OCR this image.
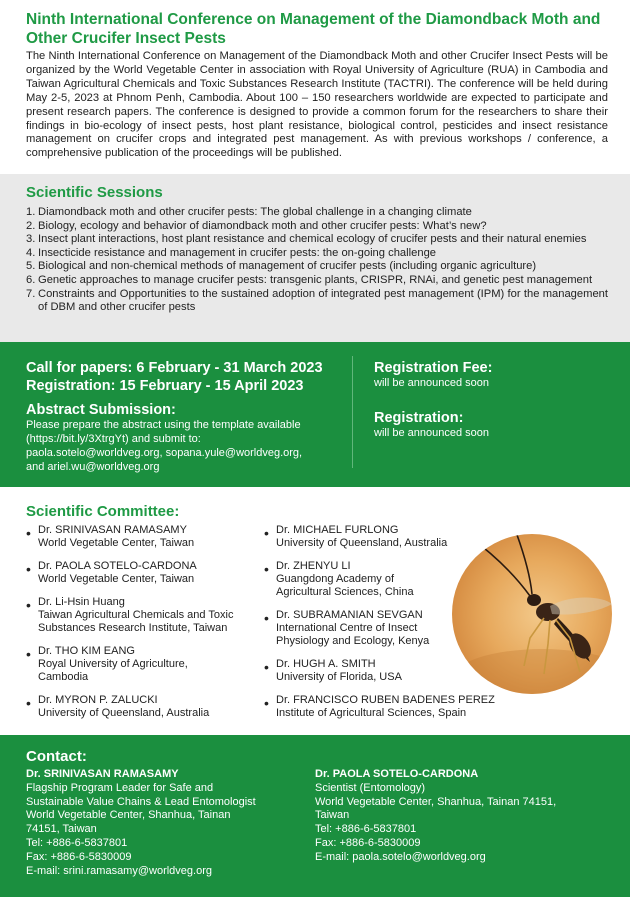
Ninth International Conference on Management of the Diamondback Moth and Other Crucifer Insect Pests

The Ninth International Conference on Management of the Diamondback Moth and other Crucifer Insect Pests will be organized by the World Vegetable Center in association with Royal University of Agriculture (RUA) in Cambodia and Taiwan Agricultural Chemicals and Toxic Substances Research Institute (TACTRI). The conference will be held during May 2-5, 2023 at Phnom Penh, Cambodia. About 100 – 150 researchers worldwide are expected to participate and present research papers. The conference is designed to provide a common forum for the researchers to share their findings in bio-ecology of insect pests, host plant resistance, biological control, pesticides and insect resistance management on crucifer crops and integrated pest management. As with previous workshops / conference, a comprehensive publication of the proceedings will be published.

Scientific Sessions
1. Diamondback moth and other crucifer pests: The global challenge in a changing climate
2. Biology, ecology and behavior of diamondback moth and other crucifer pests: What’s new?
3. Insect plant interactions, host plant resistance and chemical ecology of crucifer pests and their natural enemies
4. Insecticide resistance and management in crucifer pests: the on-going challenge
5. Biological and non-chemical methods of management of crucifer pests (including organic agriculture)
6. Genetic approaches to manage crucifer pests: transgenic plants, CRISPR, RNAi, and genetic pest management
7. Constraints and Opportunities to the sustained adoption of integrated pest management (IPM) for the management of DBM and other crucifer pests
Call for papers: 6 February - 31 March 2023
Registration: 15 February - 15 April 2023
Abstract Submission:
Please prepare the abstract using the template available
(https://bit.ly/3XtrgYt) and submit to:
paola.sotelo@worldveg.org, sopana.yule@worldveg.org,
and ariel.wu@worldveg.org
Registration Fee:
will be announced soon
Registration:
will be announced soon
Scientific Committee:
• Dr. SRINIVASAN RAMASAMY
World Vegetable Center, Taiwan
• Dr. PAOLA SOTELO-CARDONA
World Vegetable Center, Taiwan
• Dr. Li-Hsin Huang
Taiwan Agricultural Chemicals and Toxic
Substances Research Institute, Taiwan
• Dr. THO KIM EANG
Royal University of Agriculture,
Cambodia
• Dr. MYRON P. ZALUCKI
University of Queensland, Australia
• Dr. MICHAEL FURLONG
University of Queensland, Australia
• Dr. ZHENYU LI
Guangdong Academy of
Agricultural Sciences, China
• Dr. SUBRAMANIAN SEVGAN
International Centre of Insect
Physiology and Ecology, Kenya
• Dr. HUGH A. SMITH
University of Florida, USA
• Dr. FRANCISCO RUBEN BADENES PEREZ
Institute of Agricultural Sciences, Spain
Contact:
Dr. SRINIVASAN RAMASAMY
Flagship Program Leader for Safe and
Sustainable Value Chains & Lead Entomologist
World Vegetable Center, Shanhua, Tainan
74151, Taiwan
Tel: +886-6-5837801
Fax: +886-6-5830009
E-mail: srini.ramasamy@worldveg.org
Dr. PAOLA SOTELO-CARDONA
Scientist (Entomology)
World Vegetable Center, Shanhua, Tainan 74151,
Taiwan
Tel: +886-6-5837801
Fax: +886-6-5830009
E-mail: paola.sotelo@worldveg.org
